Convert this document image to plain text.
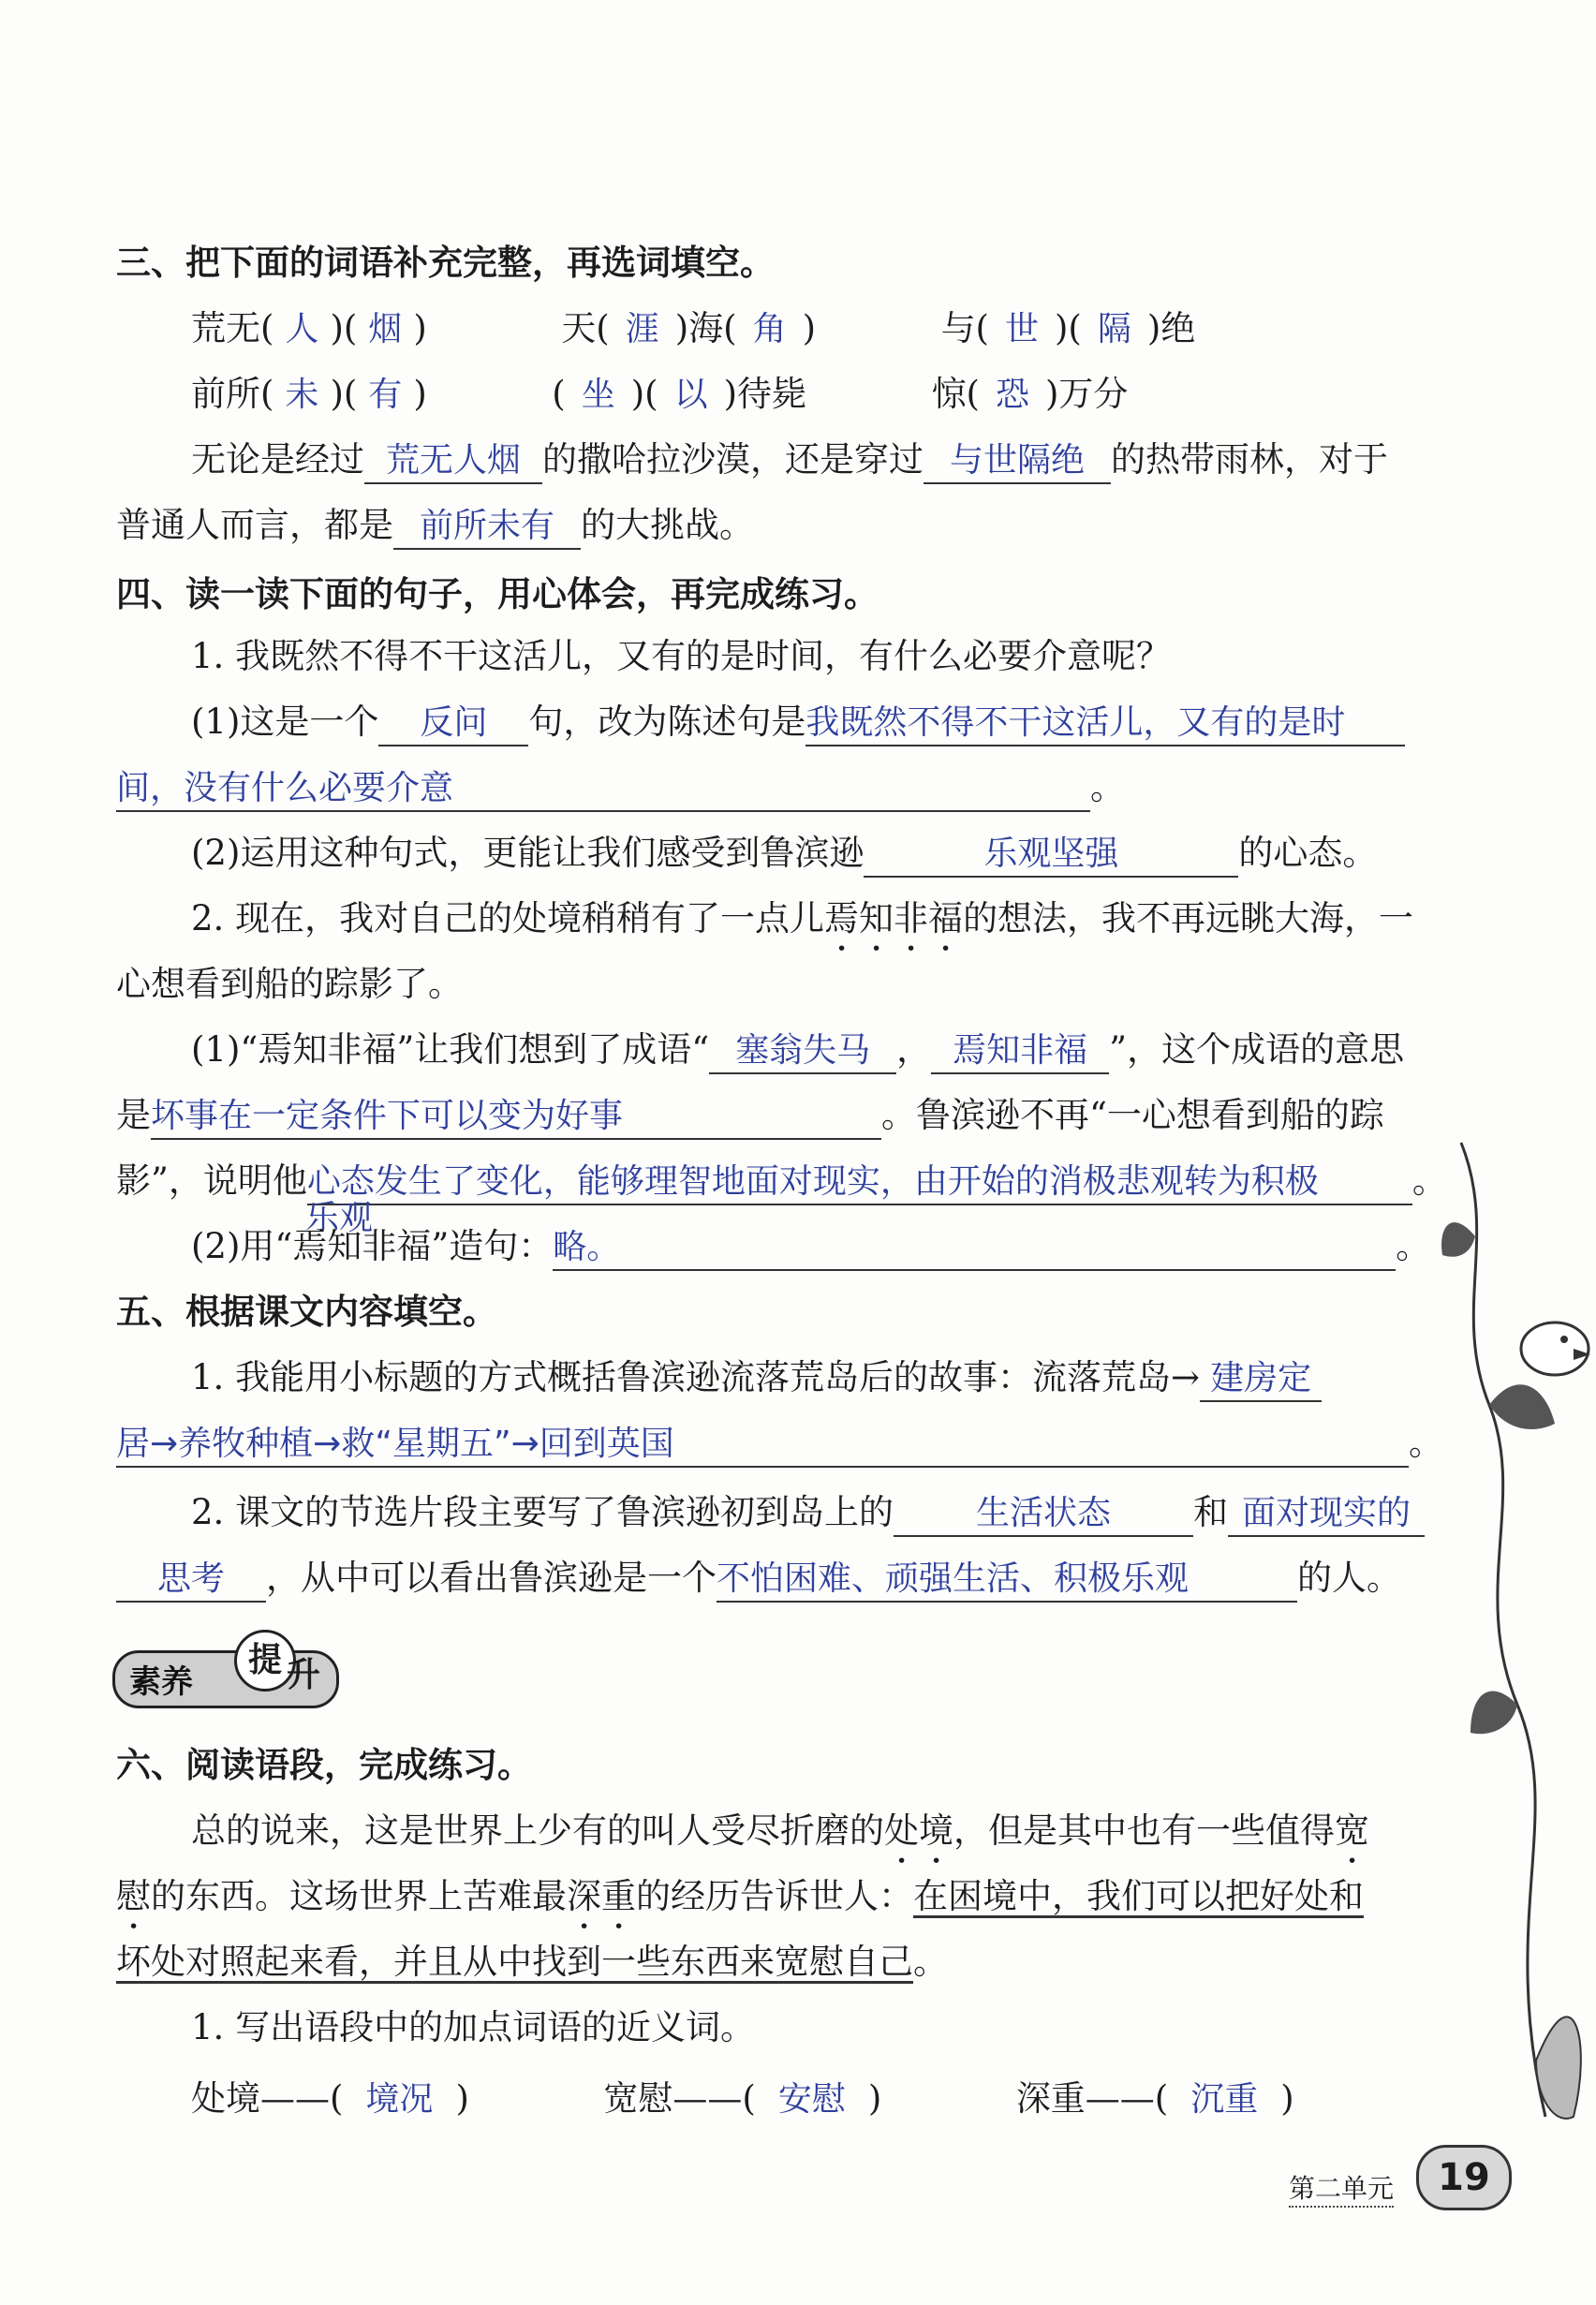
三、把下面的词语补充完整，再选词填空。
荒无( 人 )( 烟 )	天( 涯 )海( 角 )	与( 世 )( 隔 )绝
前所( 未 )( 有 )	( 坐 )( 以 )待毙	惊( 恐 )万分
无论是经过 荒无人烟 的撒哈拉沙漠，还是穿过 与世隔绝 的热带雨林，对于
普通人而言，都是 前所未有 的大挑战。
四、读一读下面的句子，用心体会，再完成练习。
1. 我既然不得不干这活儿，又有的是时间，有什么必要介意呢？
(1)这是一个 反问 句，改为陈述句是我既然不得不干这活儿，又有的是时
间，没有什么必要介意	。
(2)运用这种句式，更能让我们感受到鲁滨逊	乐观坚强	的心态。
2. 现在，我对自己的处境稍稍有了一点儿焉知非福的想法，我不再远眺大海，一
心想看到船的踪影了。
(1)“焉知非福”让我们想到了成语“ 塞翁失马 ， 焉知非福 ”，这个成语的意思
是坏事在一定条件下可以变为好事	。鲁滨逊不再“一心想看到船的踪
影”，说明他心态发生了变化，能够理智地面对现实，由开始的消极悲观转为积极	。
乐观
(2)用“焉知非福”造句：略。	。
五、根据课文内容填空。
1. 我能用小标题的方式概括鲁滨逊流落荒岛后的故事：流落荒岛→ 建房定
居→养牧种植→救“星期五”→回到英国	。
2. 课文的节选片段主要写了鲁滨逊初到岛上的 生活状态 和 面对现实的
思考 ，从中可以看出鲁滨逊是一个不怕困难、顽强生活、积极乐观	的人。
素养
提 升
六、阅读语段，完成练习。
总的说来，这是世界上少有的叫人受尽折磨的处境，但是其中也有一些值得宽
慰的东西。这场世界上苦难最深重的经历告诉世人：在困境中，我们可以把好处和
坏处对照起来看，并且从中找到一些东西来宽慰自己。
1. 写出语段中的加点词语的近义词。
处境——( 境况 )	宽慰——( 安慰 )	深重——( 沉重 )
第二单元	19
